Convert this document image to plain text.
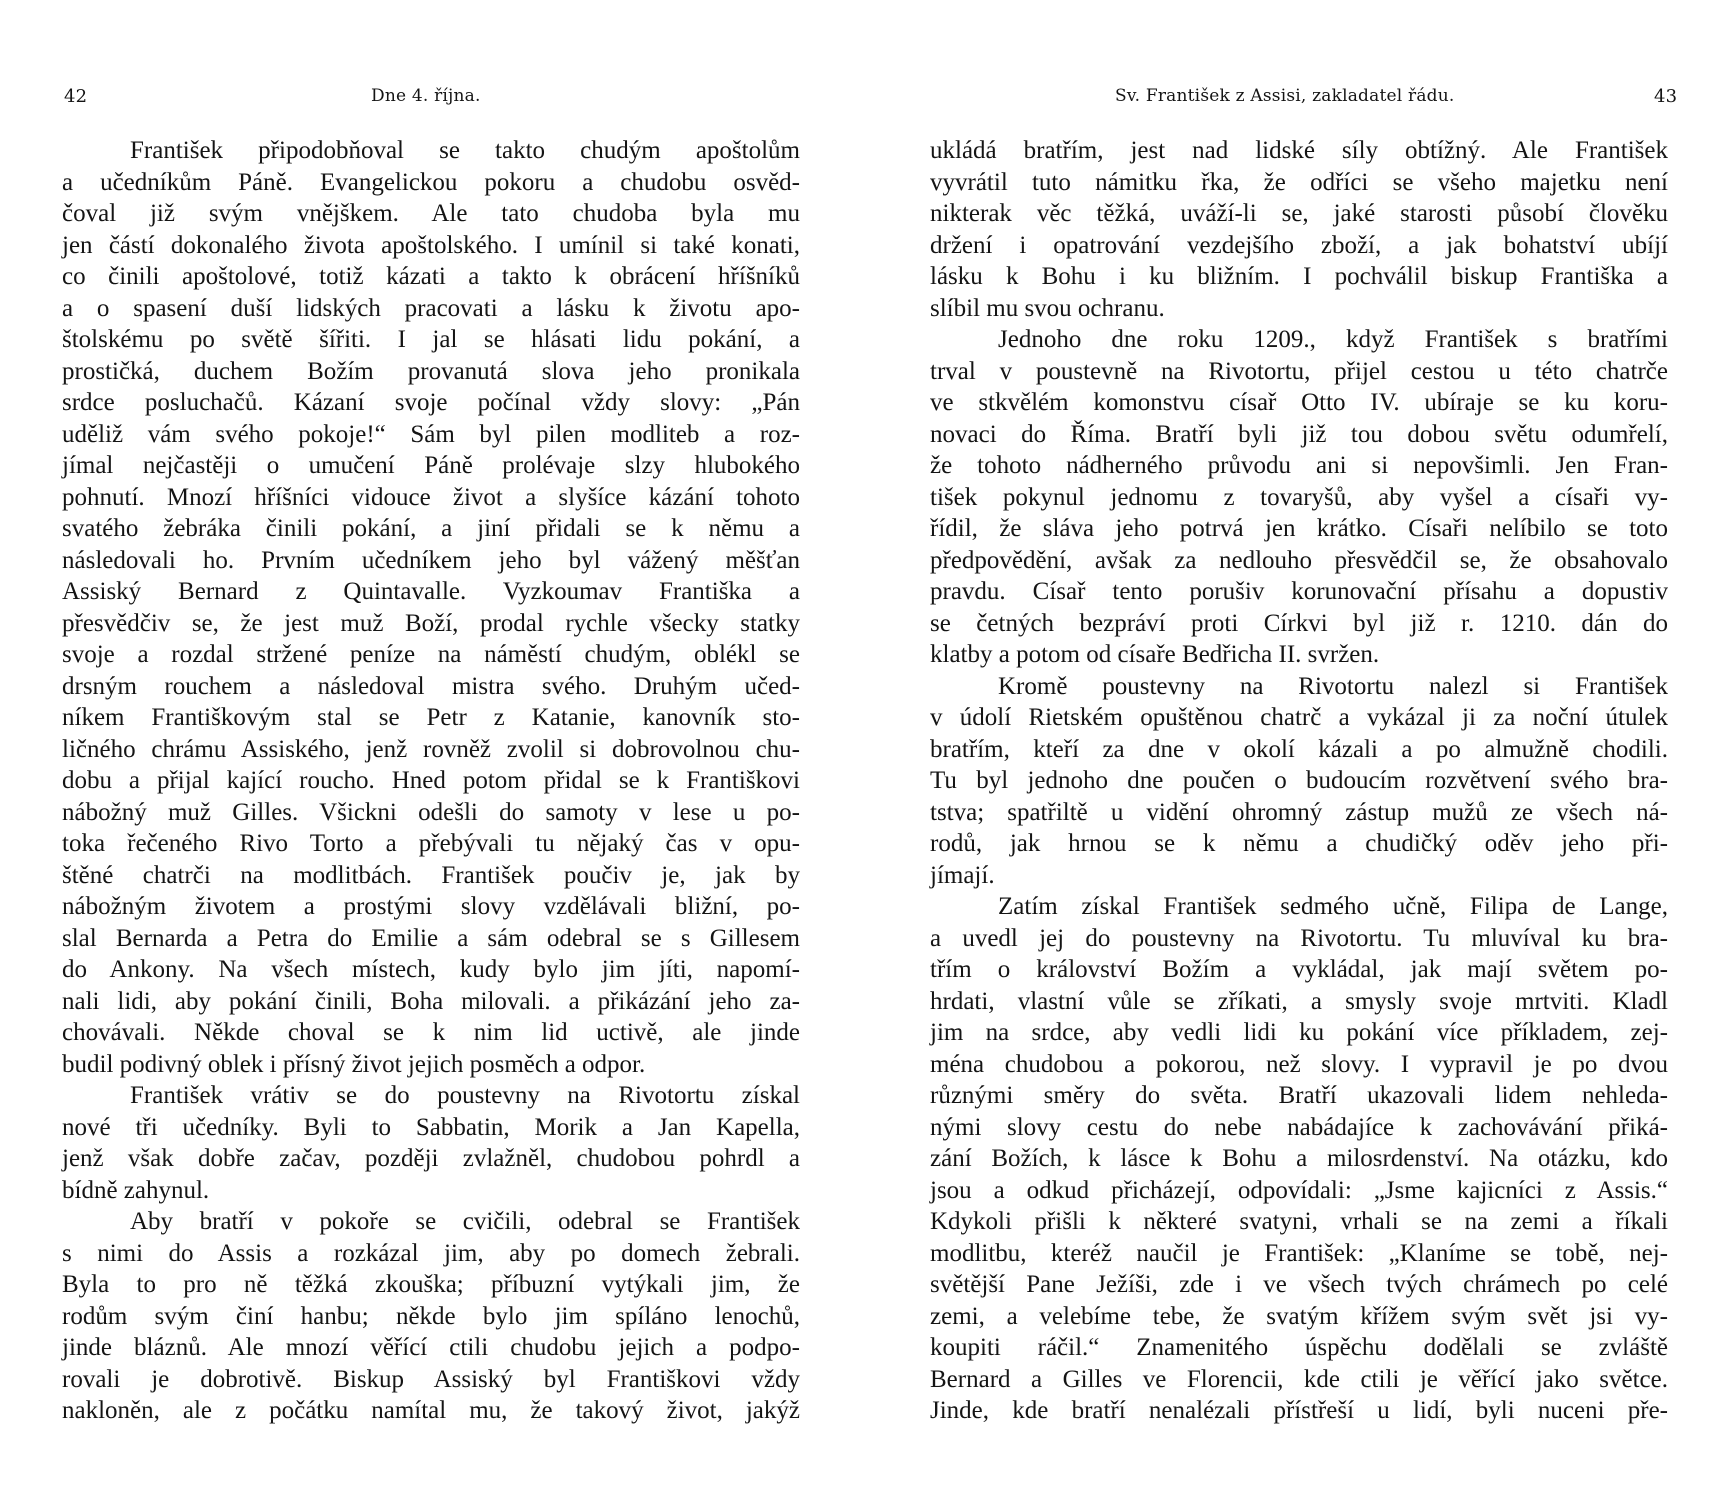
42	Dne 4. října.
František připodobňoval se takto chudým apoštolům
a učedníkům Páně. Evangelickou pokoru a chudobu osvěd-
čoval již svým vnějškem. Ale tato chudoba byla mu
jen částí dokonalého života apoštolského. I umínil si také konati,
co činili apoštolové, totiž kázati a takto k obrácení hříšníků
a o spasení duší lidských pracovati a lásku k životu apo-
štolskému po světě šířiti. I jal se hlásati lidu pokání, a
prostičká, duchem Božím provanutá slova jeho pronikala
srdce posluchačů. Kázaní svoje počínal vždy slovy: „Pán
uděliž vám svého pokoje!“ Sám byl pilen modliteb a roz-
jímal nejčastěji o umučení Páně prolévaje slzy hlubokého
pohnutí. Mnozí hříšníci vidouce život a slyšíce kázání tohoto
svatého žebráka činili pokání, a jiní přidali se k němu a
následovali ho. Prvním učedníkem jeho byl vážený měšťan
Assiský Bernard z Quintavalle. Vyzkoumav Františka a
přesvědčiv se, že jest muž Boží, prodal rychle všecky statky
svoje a rozdal stržené peníze na náměstí chudým, oblékl se
drsným rouchem a následoval mistra svého. Druhým učed-
níkem Františkovým stal se Petr z Katanie, kanovník sto-
ličného chrámu Assiského, jenž rovněž zvolil si dobrovolnou chu-
dobu a přijal kající roucho. Hned potom přidal se k Františkovi
nábožný muž Gilles. Všickni odešli do samoty v lese u po-
toka řečeného Rivo Torto a přebývali tu nějaký čas v opu-
štěné chatrči na modlitbách. František poučiv je, jak by
nábožným životem a prostými slovy vzdělávali bližní, po-
slal Bernarda a Petra do Emilie a sám odebral se s Gillesem
do Ankony. Na všech místech, kudy bylo jim jíti, napomí-
nali lidi, aby pokání činili, Boha milovali. a přikázání jeho za-
chovávali. Někde choval se k nim lid uctivě, ale jinde
budil podivný oblek i přísný život jejich posměch a odpor.
František vrátiv se do poustevny na Rivotortu získal
nové tři učedníky. Byli to Sabbatin, Morik a Jan Kapella,
jenž však dobře začav, později zvlažněl, chudobou pohrdl a
bídně zahynul.
Aby bratří v pokoře se cvičili, odebral se František
s nimi do Assis a rozkázal jim, aby po domech žebrali.
Byla to pro ně těžká zkouška; příbuzní vytýkali jim, že
rodům svým činí hanbu; někde bylo jim spíláno lenochů,
jinde bláznů. Ale mnozí věřící ctili chudobu jejich a podpo-
rovali je dobrotivě. Biskup Assiský byl Františkovi vždy
nakloněn, ale z počátku namítal mu, že takový život, jakýž
Sv. František z Assisi, zakladatel řádu.	43
ukládá bratřím, jest nad lidské síly obtížný. Ale František
vyvrátil tuto námitku řka, že odříci se všeho majetku není
nikterak věc těžká, uváží-li se, jaké starosti působí člověku
držení i opatrování vezdejšího zboží, a jak bohatství ubíjí
lásku k Bohu i ku bližním. I pochválil biskup Františka a
slíbil mu svou ochranu.
Jednoho dne roku 1209., když František s bratřími
trval v poustevně na Rivotortu, přijel cestou u této chatrče
ve stkvělém komonstvu císař Otto IV. ubíraje se ku koru-
novaci do Říma. Bratří byli již tou dobou světu odumřelí,
že tohoto nádherného průvodu ani si nepovšimli. Jen Fran-
tišek pokynul jednomu z tovaryšů, aby vyšel a císaři vy-
řídil, že sláva jeho potrvá jen krátko. Císaři nelíbilo se toto
předpovědění, avšak za nedlouho přesvědčil se, že obsahovalo
pravdu. Císař tento porušiv korunovační přísahu a dopustiv
se četných bezpráví proti Církvi byl již r. 1210. dán do
klatby a potom od císaře Bedřicha II. svržen.
Kromě poustevny na Rivotortu nalezl si František
v údolí Rietském opuštěnou chatrč a vykázal ji za noční útulek
bratřím, kteří za dne v okolí kázali a po almužně chodili.
Tu byl jednoho dne poučen o budoucím rozvětvení svého bra-
tstva; spatřiltě u vidění ohromný zástup mužů ze všech ná-
rodů, jak hrnou se k němu a chudičký oděv jeho při-
jímají.
Zatím získal František sedmého učně, Filipa de Lange,
a uvedl jej do poustevny na Rivotortu. Tu mluvíval ku bra-
třím o království Božím a vykládal, jak mají světem po-
hrdati, vlastní vůle se zříkati, a smysly svoje mrtviti. Kladl
jim na srdce, aby vedli lidi ku pokání více příkladem, zej-
ména chudobou a pokorou, než slovy. I vypravil je po dvou
různými směry do světa. Bratří ukazovali lidem nehleda-
nými slovy cestu do nebe nabádajíce k zachovávání přiká-
zání Božích, k lásce k Bohu a milosrdenství. Na otázku, kdo
jsou a odkud přicházejí, odpovídali: „Jsme kajicníci z Assis.“
Kdykoli přišli k některé svatyni, vrhali se na zemi a říkali
modlitbu, kteréž naučil je František: „Klaníme se tobě, nej-
světější Pane Ježíši, zde i ve všech tvých chrámech po celé
zemi, a velebíme tebe, že svatým křížem svým svět jsi vy-
koupiti ráčil.“ Znamenitého úspěchu dodělali se zvláště
Bernard a Gilles ve Florencii, kde ctili je věřící jako světce.
Jinde, kde bratří nenalézali přístřeší u lidí, byli nuceni pře-
